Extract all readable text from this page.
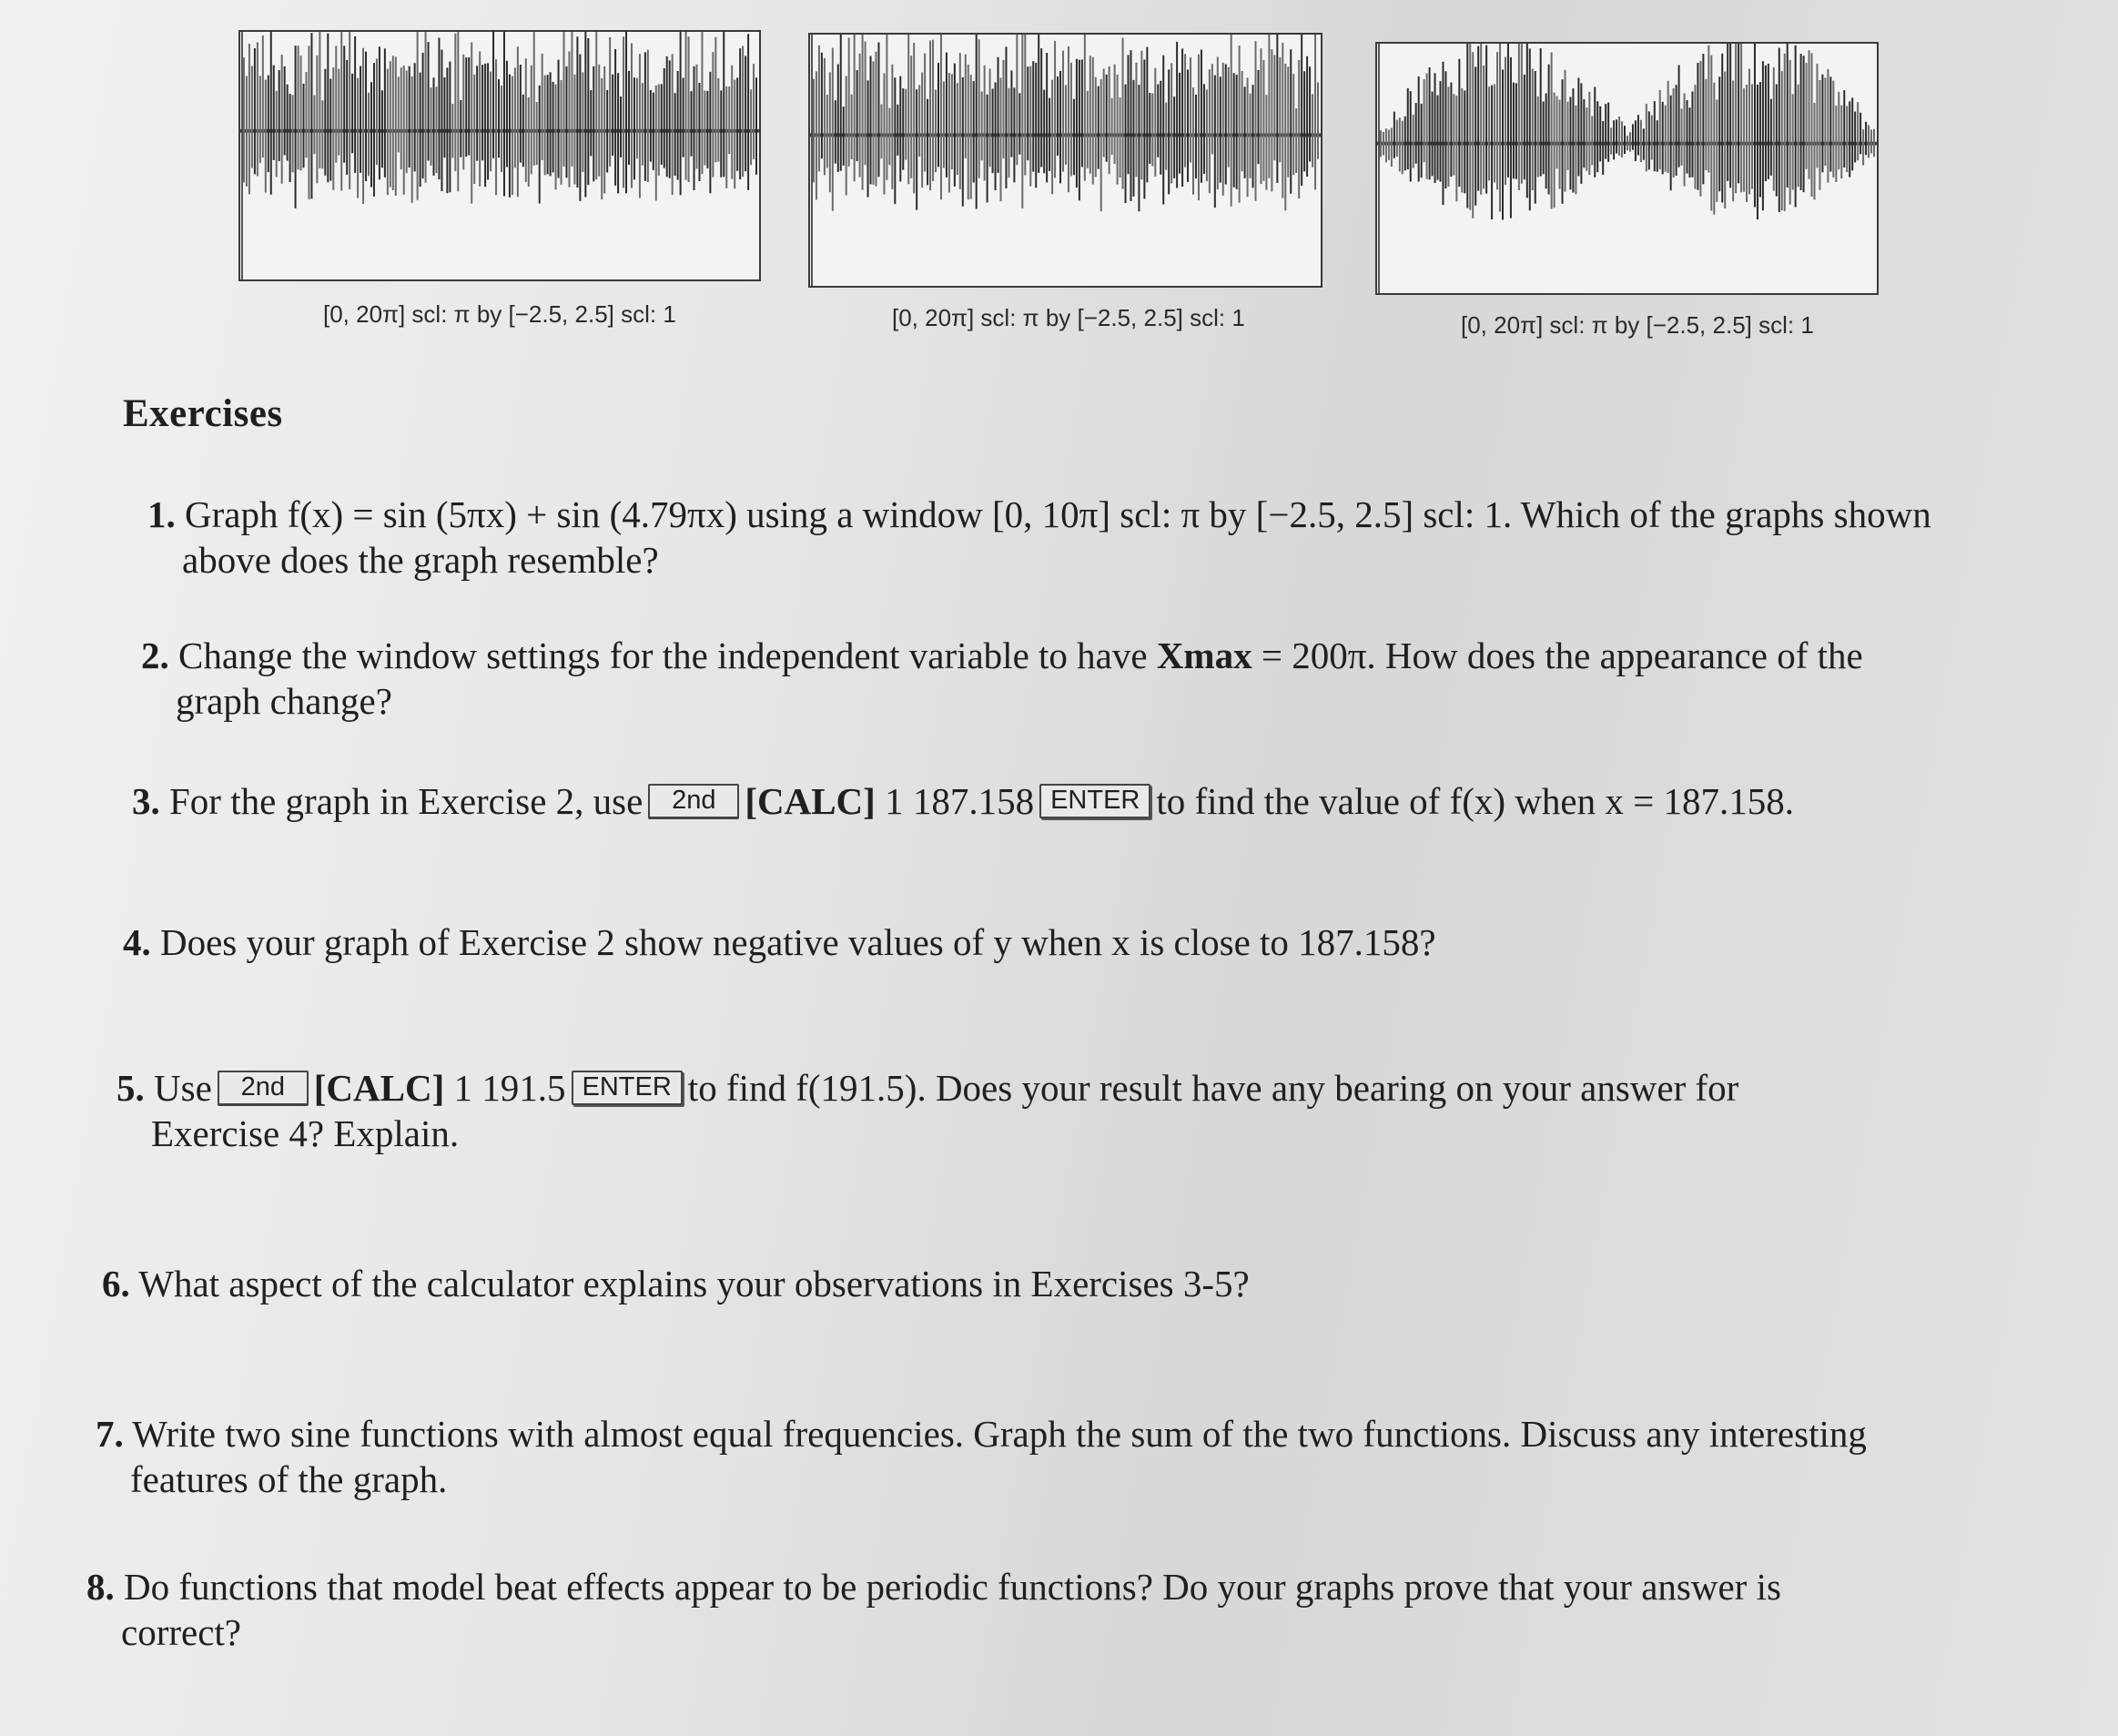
[0, 20π] scl: π by [−2.5, 2.5] scl: 1	[0, 20π] scl: π by [−2.5, 2.5] scl: 1	[0, 20π] scl: π by [−2.5, 2.5] scl: 1
Exercises
1. Graph f(x) = sin (5πx) + sin (4.79πx) using a window [0, 10π] scl: π by [−2.5, 2.5] scl: 1. Which of the graphs shown
above does the graph resemble?
2. Change the window settings for the independent variable to have Xmax = 200π. How does the appearance of the
graph change?
3. For the graph in Exercise 2, use 2nd [CALC] 1 187.158 ENTER to find the value of f(x) when x = 187.158.
4. Does your graph of Exercise 2 show negative values of y when x is close to 187.158?
5. Use 2nd [CALC] 1 191.5 ENTER to find f(191.5). Does your result have any bearing on your answer for
Exercise 4? Explain.
6. What aspect of the calculator explains your observations in Exercises 3-5?
7. Write two sine functions with almost equal frequencies. Graph the sum of the two functions. Discuss any interesting
features of the graph.
8. Do functions that model beat effects appear to be periodic functions? Do your graphs prove that your answer is
correct?
